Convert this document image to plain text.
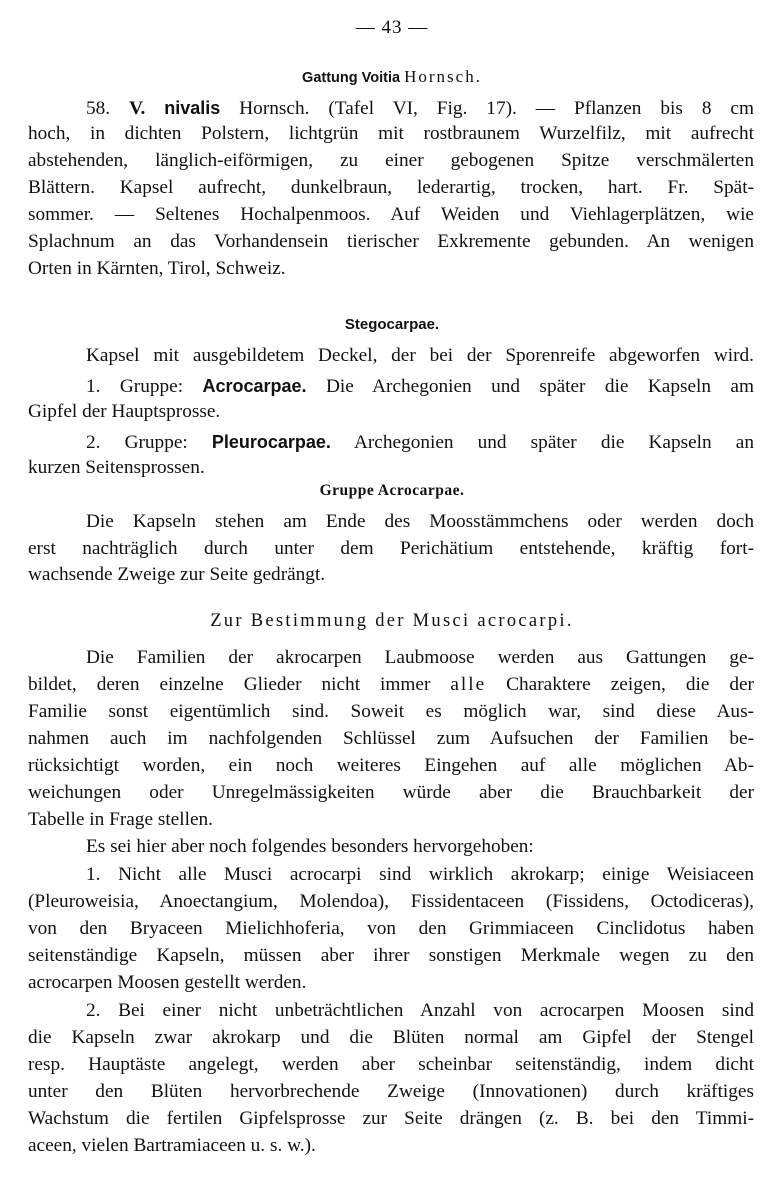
— 43 —
Gattung Voitia Hornsch.
58. V. nivalis Hornsch. (Tafel VI, Fig. 17). — Pflanzen bis 8 cm
hoch, in dichten Polstern, lichtgrün mit rostbraunem Wurzelfilz, mit aufrecht
abstehenden, länglich-eiförmigen, zu einer gebogenen Spitze verschmälerten
Blättern. Kapsel aufrecht, dunkelbraun, lederartig, trocken, hart. Fr. Spät-
sommer. — Seltenes Hochalpenmoos. Auf Weiden und Viehlagerplätzen, wie
Splachnum an das Vorhandensein tierischer Exkremente gebunden. An wenigen
Orten in Kärnten, Tirol, Schweiz.
Stegocarpae.
Kapsel mit ausgebildetem Deckel, der bei der Sporenreife abgeworfen wird.
1. Gruppe: Acrocarpae. Die Archegonien und später die Kapseln am
Gipfel der Hauptsprosse.
2. Gruppe: Pleurocarpae. Archegonien und später die Kapseln an
kurzen Seitensprossen.
Gruppe Acrocarpae.
Die Kapseln stehen am Ende des Moosstämmchens oder werden doch
erst nachträglich durch unter dem Perichätium entstehende, kräftig fort-
wachsende Zweige zur Seite gedrängt.
Zur Bestimmung der Musci acrocarpi.
Die Familien der akrocarpen Laubmoose werden aus Gattungen ge-
bildet, deren einzelne Glieder nicht immer alle Charaktere zeigen, die der
Familie sonst eigentümlich sind. Soweit es möglich war, sind diese Aus-
nahmen auch im nachfolgenden Schlüssel zum Aufsuchen der Familien be-
rücksichtigt worden, ein noch weiteres Eingehen auf alle möglichen Ab-
weichungen oder Unregelmässigkeiten würde aber die Brauchbarkeit der
Tabelle in Frage stellen.
Es sei hier aber noch folgendes besonders hervorgehoben:
1. Nicht alle Musci acrocarpi sind wirklich akrokarp; einige Weisiaceen
(Pleuroweisia, Anoectangium, Molendoa), Fissidentaceen (Fissidens, Octodiceras),
von den Bryaceen Mielichhoferia, von den Grimmiaceen Cinclidotus haben
seitenständige Kapseln, müssen aber ihrer sonstigen Merkmale wegen zu den
acrocarpen Moosen gestellt werden.
2. Bei einer nicht unbeträchtlichen Anzahl von acrocarpen Moosen sind
die Kapseln zwar akrokarp und die Blüten normal am Gipfel der Stengel
resp. Hauptäste angelegt, werden aber scheinbar seitenständig, indem dicht
unter den Blüten hervorbrechende Zweige (Innovationen) durch kräftiges
Wachstum die fertilen Gipfelsprosse zur Seite drängen (z. B. bei den Timmi-
aceen, vielen Bartramiaceen u. s. w.).
